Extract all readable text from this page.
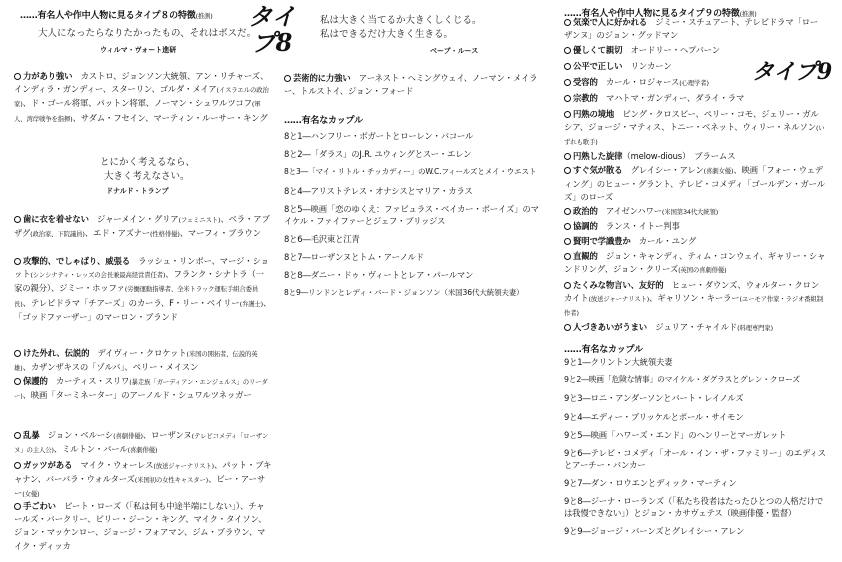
……有名人や作中人物に見るタイプ８の特徴(推測)	タイプ8
大人になったらなりたかったもの、それはボスだ。
ウィルマ・ヴォート進研
力があり強い　カストロ、ジョンソン大統領、アン・リチャーズ、インディラ・ガンディー、スターリン、ゴルダ・メイア(イスラエルの政治家)、ド・ゴール将軍、パットン将軍、ノーマン・シュワルツコフ(軍人、湾岸戦争を指揮)、サダム・フセイン、マーティン・ルーサー・キング
とにかく考えるなら、
大きく考えなさい。
ドナルド・トランプ
歯に衣を着せない　ジャーメイン・グリア(フェミニスト)、ベラ・アブザグ(政治家、下院議員)、エド・アズナー(性格俳優)、マーフィ・ブラウン
攻撃的、でしゃばり、威張る　ラッシュ・リンボー、マージ・ショット(シンシナティ・レッズの会長兼最高経営責任者)、フランク・シナトラ（一家の親分）、ジミー・ホッファ(労働運動指導者、全米トラック運転手組合委員長)、テレビドラマ「チアーズ」のカーラ、F・リー・ベイリー(弁護士)、「ゴッドファーザー」のマーロン・ブランド
けた外れ、伝説的　デイヴィー・クロケット(米国の開拓者、伝説的英雄)、カザンザキスの「ゾルバ」、ペリー・メイスン
保護的　カーティス・スリワ(暴走族「ガーディアン・エンジェルス」のリーダー)、映画「ターミネーター」のアーノルド・シュワルツネッガー
乱暴　ジョン・ベルーシ(喜劇俳優)、ローザンヌ(テレビコメディ「ローザンヌ」の主人公)、ミルトン・バール(喜劇俳優)
ガッツがある　マイク・ウォーレス(放送ジャーナリスト)、パット・ブキャナン、バーバラ・ウォルターズ(米国初の女性キャスター)、ビー・アーサー(女優)
手ごわい　ピート・ローズ（「私は何も中途半端にしない」）、チャールズ・バークリー、ビリー・ジーン・キング、マイク・タイソン、ジョン・マッケンロー、ジョージ・フォアマン、ジム・ブラウン、マイク・ディッカ
私は大きく当てるか大きくしくじる。
私はできるだけ大きく生きる。
ベーブ・ルース
芸術的に力強い　アーネスト・ヘミングウェイ、ノーマン・メイラー、トルストイ、ジョン・フォード
……有名なカップル
8と1―ハンフリー・ボガートとローレン・バコール
8と2―「ダラス」のJ.R. ユウィングとスー・エレン
8と3―「マイ・リトル・チッカディー」のW.C.フィールズとメイ・ウエスト
8と4―アリストテレス・オナシスとマリア・カラス
8と5―映画「恋のゆくえ：ファビュラス・ベイカー・ボーイズ」のマイケル・ファイファーとジェフ・ブリッジス
8と6―毛沢東と江青
8と7―ローザンヌとトム・アーノルド
8と8―ダニー・ドゥ・ヴィートとレア・パールマン
8と9―リンドンとレディ・バード・ジョンソン（米国36代大統領夫妻）
……有名人や作中人物に見るタイプ９の特徴(推測)
タイプ9
気楽で人に好かれる　ジミー・スチュアート、テレビドラマ「ローザンヌ」のジョン・グッドマン
優しくて親切　オードリー・ヘプバーン
公平で正しい　リンカーン
受容的　カール・ロジャース(心理学者)
宗教的　マハトマ・ガンディー、ダライ・ラマ
円熟の境地　ビング・クロスビー、ペリー・コモ、ジェリー・ガルシア、ジョージ・マティス、トニー・ベネット、ウィリー・ネルソン(いずれも歌手)
円熟した旋律（melow-dious）　ブラームス
すぐ気が散る　グレイシー・アレン(喜劇女優)、映画「フォー・ウェディング」のヒュー・グラント、テレビ・コメディ「ゴールデン・ガールズ」のローズ
政治的　アイゼンハワー(米国第34代大統領)
協調的　ランス・イトー判事
賢明で学識豊か　カール・ユング
直観的　ジョン・キャンディ、ティム・コンウェイ、ギャリー・シャンドリング、ジョン・クリーズ(英国の喜劇俳優)
たくみな物言い、友好的　ヒュー・ダウンズ、ウォルター・クロンカイト(放送ジャーナリスト)、ギャリソン・キーラー(ユーモア作家・ラジオ番組制作者)
人づきあいがうまい　ジュリア・チャイルド(料理専門家)
……有名なカップル
9と1―クリントン大統領夫妻
9と2―映画「危険な情事」のマイケル・ダグラスとグレン・クローズ
9と3―ロニ・アンダーソンとバート・レイノルズ
9と4―エディー・ブリッケルとポール・サイモン
9と5―映画「ハワーズ・エンド」のヘンリーとマーガレット
9と6―テレビ・コメディ「オール・イン・ザ・ファミリー」のエディスとアーチー・バンカー
9と7―ダン・ロウエンとディック・マーティン
9と8―ジーナ・ローランズ（「私たち役者はたったひとつの人格だけでは我慢できない」）とジョン・カサヴェテス（映画俳優・監督）
9と9―ジョージ・バーンズとグレイシー・アレン
